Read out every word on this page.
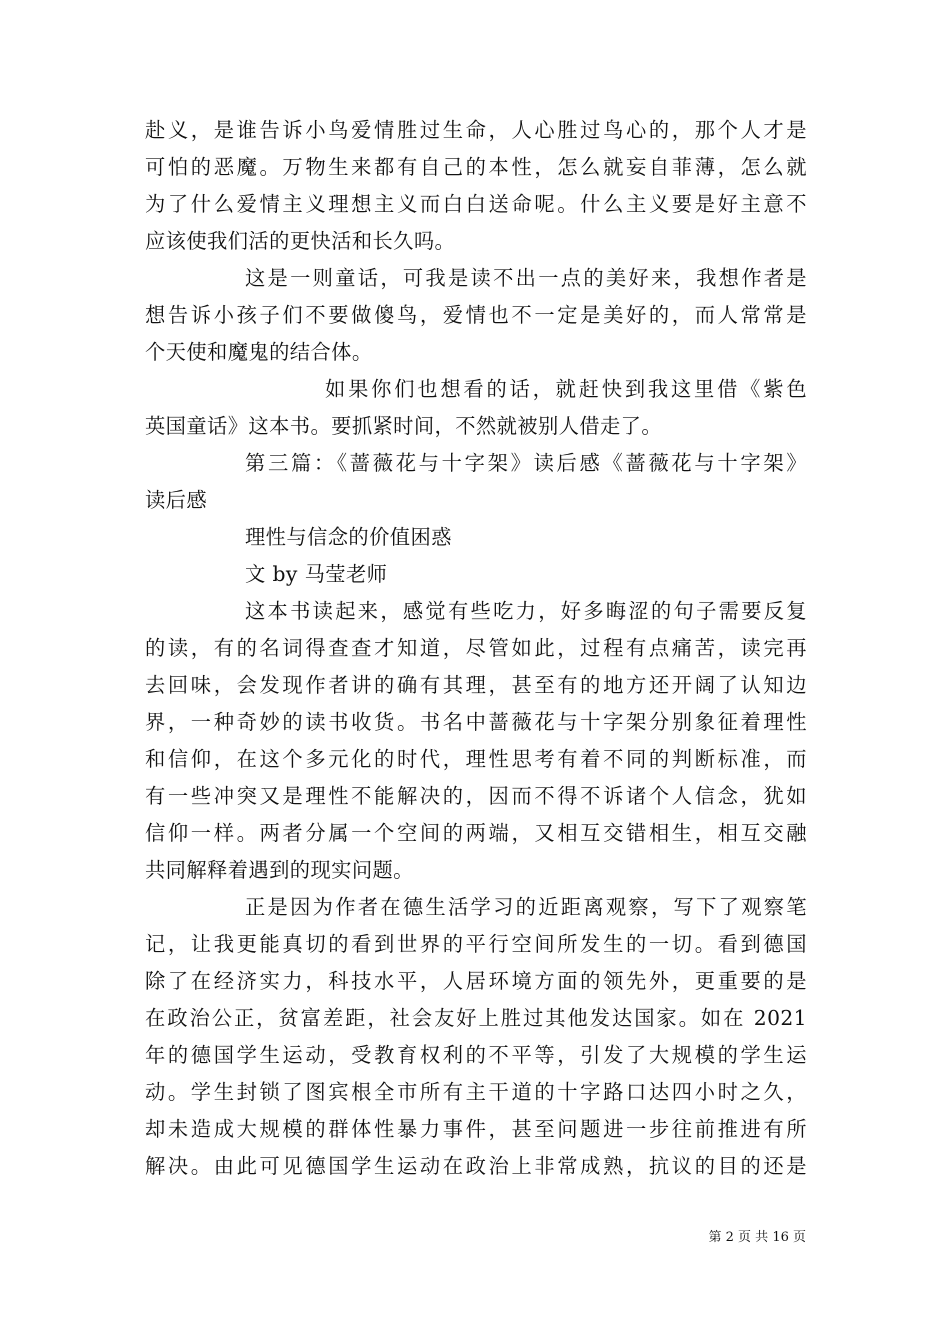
赴义，是谁告诉小鸟爱情胜过生命，人心胜过鸟心的，那个人才是
可怕的恶魔。万物生来都有自己的本性，怎么就妄自菲薄，怎么就
为了什么爱情主义理想主义而白白送命呢。什么主义要是好主意不
应该使我们活的更快活和长久吗。
这是一则童话，可我是读不出一点的美好来，我想作者是
想告诉小孩子们不要做傻鸟，爱情也不一定是美好的，而人常常是
个天使和魔鬼的结合体。
如果你们也想看的话，就赶快到我这里借《紫色
英国童话》这本书。要抓紧时间，不然就被别人借走了。
第三篇：《蔷薇花与十字架》读后感《蔷薇花与十字架》
读后感
理性与信念的价值困惑
文 by 马莹老师
这本书读起来，感觉有些吃力，好多晦涩的句子需要反复
的读，有的名词得查查才知道，尽管如此，过程有点痛苦，读完再
去回味，会发现作者讲的确有其理，甚至有的地方还开阔了认知边
界，一种奇妙的读书收货。书名中蔷薇花与十字架分别象征着理性
和信仰，在这个多元化的时代，理性思考有着不同的判断标准，而
有一些冲突又是理性不能解决的，因而不得不诉诸个人信念，犹如
信仰一样。两者分属一个空间的两端，又相互交错相生，相互交融
共同解释着遇到的现实问题。
正是因为作者在德生活学习的近距离观察，写下了观察笔
记，让我更能真切的看到世界的平行空间所发生的一切。看到德国
除了在经济实力，科技水平，人居环境方面的领先外，更重要的是
在政治公正，贫富差距，社会友好上胜过其他发达国家。如在 2021
年的德国学生运动，受教育权利的不平等，引发了大规模的学生运
动。学生封锁了图宾根全市所有主干道的十字路口达四小时之久，
却未造成大规模的群体性暴力事件，甚至问题进一步往前推进有所
解决。由此可见德国学生运动在政治上非常成熟，抗议的目的还是
第 2 页 共 16 页
